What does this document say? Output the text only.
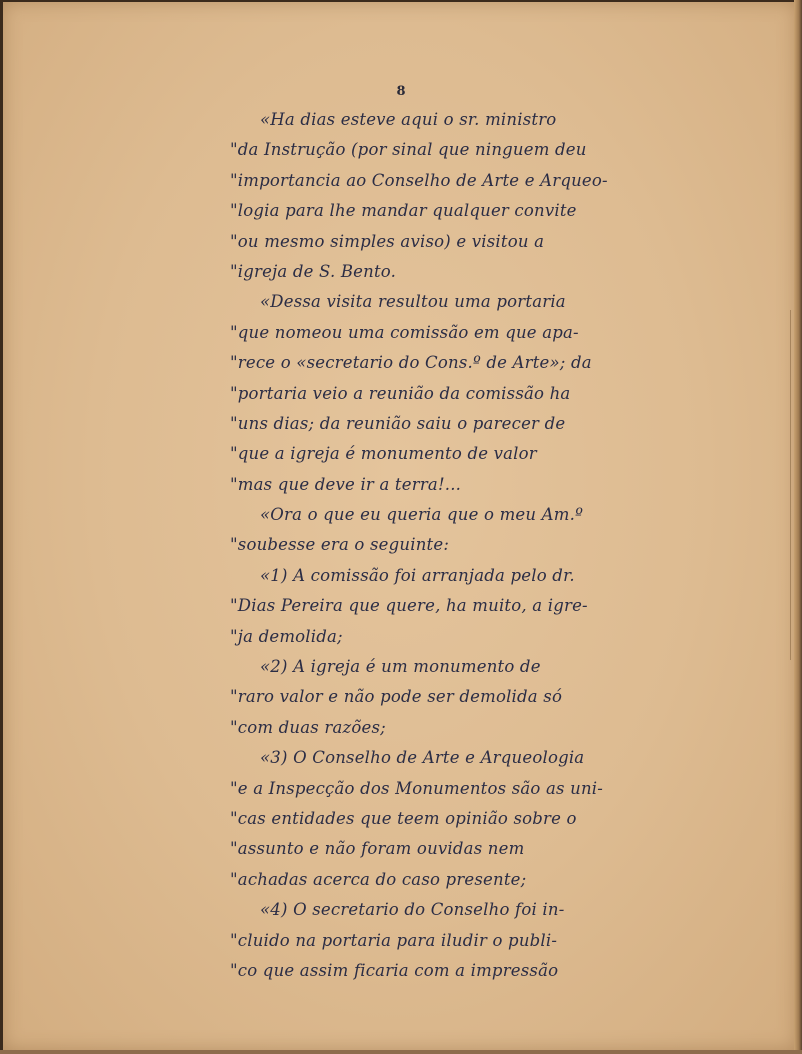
8
«Ha dias esteve aqui o sr. ministro
"da Instrução (por sinal que ninguem deu
"importancia ao Conselho de Arte e Arqueo-
"logia para lhe mandar qualquer convite
"ou mesmo simples aviso) e visitou a
"igreja de S. Bento.
«Dessa visita resultou uma portaria
"que nomeou uma comissão em que apa-
"rece o «secretario do Cons.º de Arte»; da
"portaria veio a reunião da comissão ha
"uns dias; da reunião saiu o parecer de
"que a igreja é monumento de valor
"mas que deve ir a terra!...
«Ora o que eu queria que o meu Am.º
"soubesse era o seguinte:
«1) A comissão foi arranjada pelo dr.
"Dias Pereira que quere, ha muito, a igre-
"ja demolida;
«2) A igreja é um monumento de
"raro valor e não pode ser demolida só
"com duas razões;
«3) O Conselho de Arte e Arqueologia
"e a Inspecção dos Monumentos são as uni-
"cas entidades que teem opinião sobre o
"assunto e não foram ouvidas nem
"achadas acerca do caso presente;
«4) O secretario do Conselho foi in-
"cluido na portaria para iludir o publi-
"co que assim ficaria com a impressão
